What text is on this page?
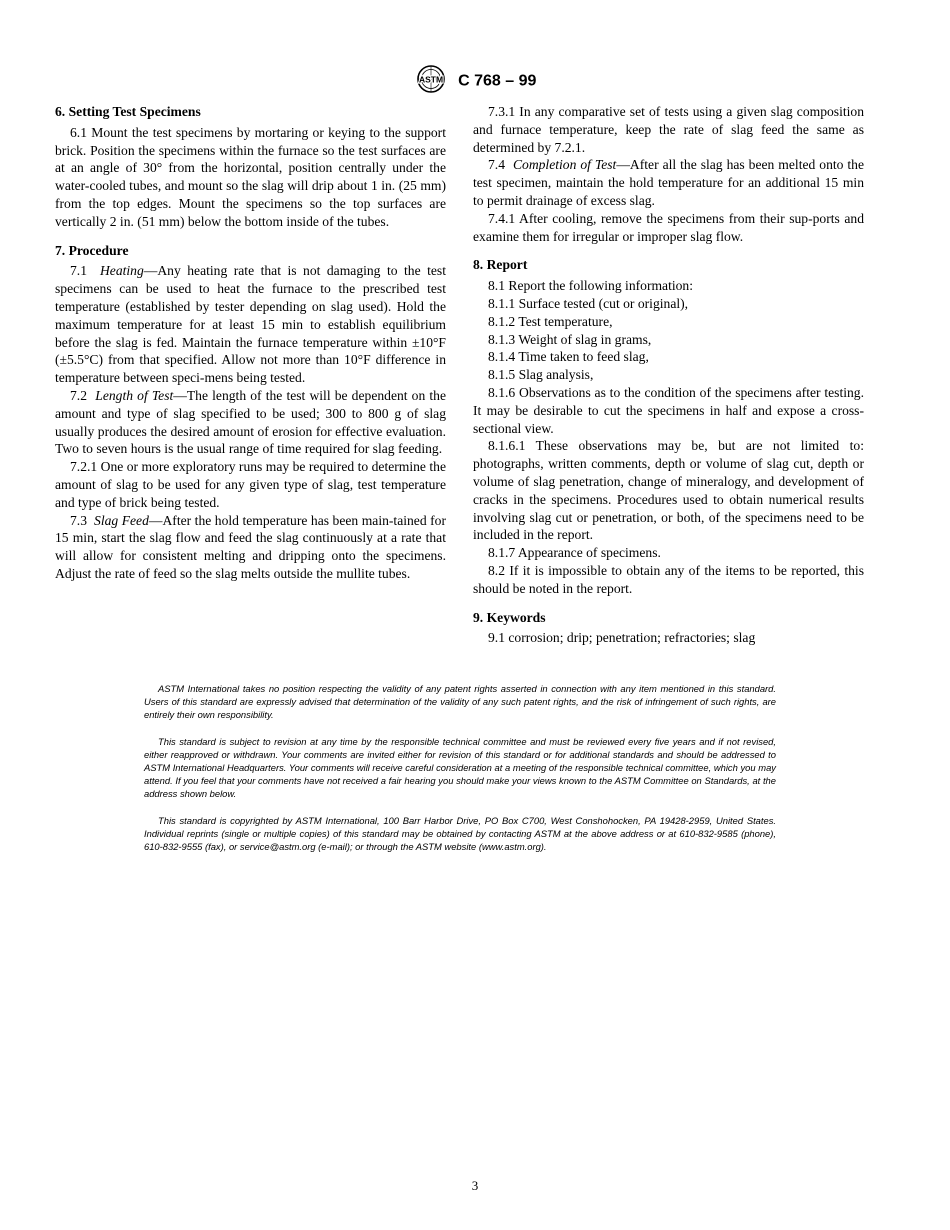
ASTM C 768 – 99
6. Setting Test Specimens

6.1 Mount the test specimens by mortaring or keying to the support brick. Position the specimens within the furnace so the test surfaces are at an angle of 30° from the horizontal, position centrally under the water-cooled tubes, and mount so the slag will drip about 1 in. (25 mm) from the top edges. Mount the specimens so the top surfaces are vertically 2 in. (51 mm) below the bottom inside of the tubes.

7. Procedure

7.1 Heating—Any heating rate that is not damaging to the test specimens can be used to heat the furnace to the prescribed test temperature (established by tester depending on slag used). Hold the maximum temperature for at least 15 min to establish equilibrium before the slag is fed. Maintain the furnace temperature within ±10°F (±5.5°C) from that specified. Allow not more than 10°F difference in temperature between speci-mens being tested.

7.2 Length of Test—The length of the test will be dependent on the amount and type of slag specified to be used; 300 to 800 g of slag usually produces the desired amount of erosion for effective evaluation. Two to seven hours is the usual range of time required for slag feeding.

7.2.1 One or more exploratory runs may be required to determine the amount of slag to be used for any given type of slag, test temperature and type of brick being tested.

7.3 Slag Feed—After the hold temperature has been main-tained for 15 min, start the slag flow and feed the slag continuously at a rate that will allow for consistent melting and dripping onto the specimens. Adjust the rate of feed so the slag melts outside the mullite tubes.

7.3.1 In any comparative set of tests using a given slag composition and furnace temperature, keep the rate of slag feed the same as determined by 7.2.1.

7.4 Completion of Test—After all the slag has been melted onto the test specimen, maintain the hold temperature for an additional 15 min to permit drainage of excess slag.

7.4.1 After cooling, remove the specimens from their sup-ports and examine them for irregular or improper slag flow.

8. Report

8.1 Report the following information:

8.1.1 Surface tested (cut or original),

8.1.2 Test temperature,

8.1.3 Weight of slag in grams,

8.1.4 Time taken to feed slag,

8.1.5 Slag analysis,

8.1.6 Observations as to the condition of the specimens after testing. It may be desirable to cut the specimens in half and expose a cross-sectional view.

8.1.6.1 These observations may be, but are not limited to: photographs, written comments, depth or volume of slag cut, depth or volume of slag penetration, change of mineralogy, and development of cracks in the specimens. Procedures used to obtain numerical results involving slag cut or penetration, or both, of the specimens need to be included in the report.

8.1.7 Appearance of specimens.

8.2 If it is impossible to obtain any of the items to be reported, this should be noted in the report.

9. Keywords

9.1 corrosion; drip; penetration; refractories; slag

ASTM International takes no position respecting the validity of any patent rights asserted in connection with any item mentioned in this standard. Users of this standard are expressly advised that determination of the validity of any such patent rights, and the risk of infringement of such rights, are entirely their own responsibility.

This standard is subject to revision at any time by the responsible technical committee and must be reviewed every five years and if not revised, either reapproved or withdrawn. Your comments are invited either for revision of this standard or for additional standards and should be addressed to ASTM International Headquarters. Your comments will receive careful consideration at a meeting of the responsible technical committee, which you may attend. If you feel that your comments have not received a fair hearing you should make your views known to the ASTM Committee on Standards, at the address shown below.

This standard is copyrighted by ASTM International, 100 Barr Harbor Drive, PO Box C700, West Conshohocken, PA 19428-2959, United States. Individual reprints (single or multiple copies) of this standard may be obtained by contacting ASTM at the above address or at 610-832-9585 (phone), 610-832-9555 (fax), or service@astm.org (e-mail); or through the ASTM website (www.astm.org).

3
